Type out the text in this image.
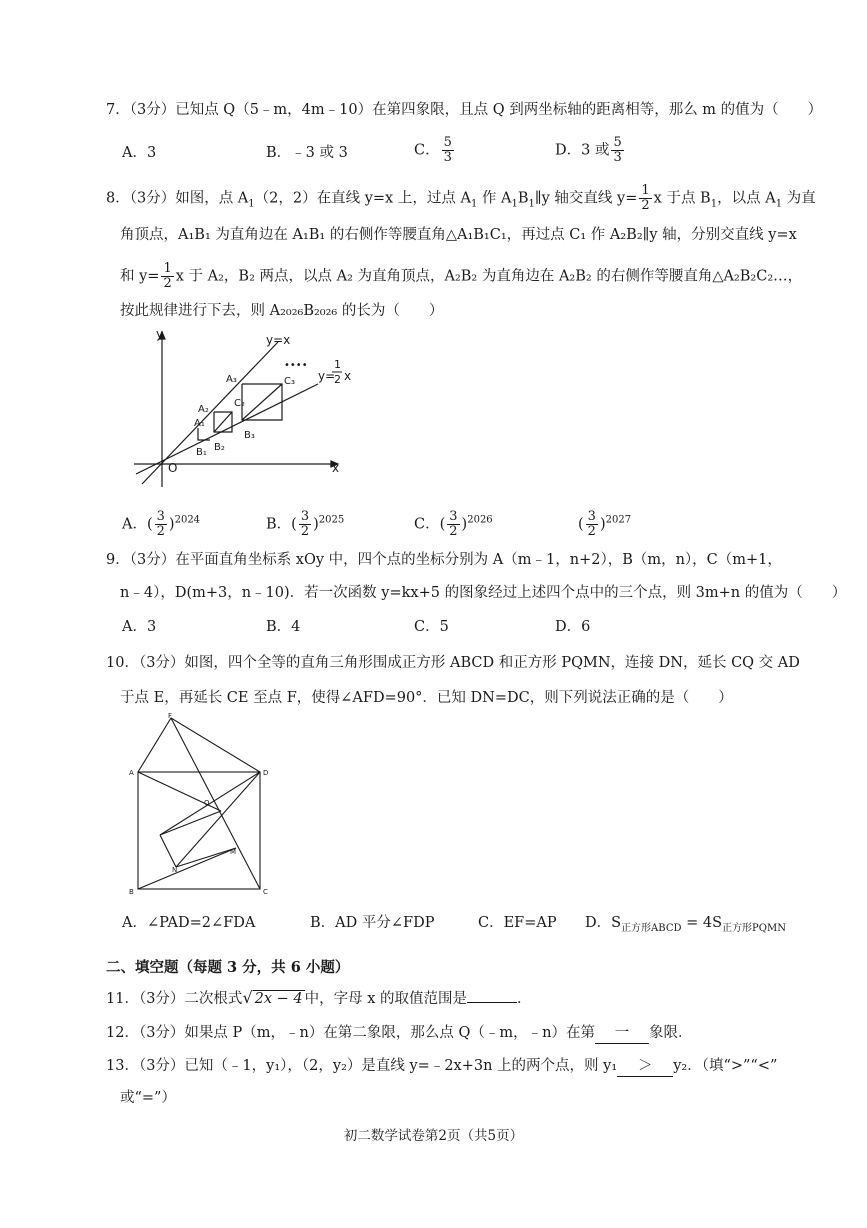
7．（3分）已知点 Q（5﹣m，4m﹣10）在第四象限，且点 Q 到两坐标轴的距离相等，那么 m 的值为（　　）
A．3	B．﹣3 或 3	C． $\frac{5}{3}$	D．3 或 $\frac{5}{3}$
8．（3分）如图，点 $A_1(2$，2）在直线 y=x 上，过点 $A_1$ 作 $A_1B_1\parallel y$ 轴交直线 $y= \frac{1}{2}$ x 于点 $B_1$，以点 $A_1$ 为直
角顶点，A₁B₁ 为直角边在 A₁B₁ 的右侧作等腰直角△A₁B₁C₁，再过点 C₁ 作 A₂B₂∥y 轴，分别交直线 y=x
和 $y= \frac{1}{2}$ x 于 A₂，B₂ 两点，以点 A₂ 为直角顶点，A₂B₂ 为直角边在 A₂B₂ 的右侧作等腰直角△A₂B₂C₂…，
按此规律进行下去，则 A₂₀₂₆B₂₀₂₆ 的长为（　　）
y
x
O
y=x
y=
1
2 x
••••
A₁
B₁
A₂
B₂
C₂
A₃
B₃
C₃
A．( $\frac{3}{2} )^{2024}$	B．( $\frac{3}{2} )^{2025}$	C．( $\frac{3}{2} )^{2026}$	( $\frac{3}{2} )^{2027}$
9．（3分）在平面直角坐标系 xOy 中，四个点的坐标分别为 A（m﹣1，n+2），B（m，n），C（m+1，
n﹣4），D(m+3，n﹣10)．若一次函数 y=kx+5 的图象经过上述四个点中的三个点，则 3m+n 的值为（　　）
A．3	B．4	C．5	D．6
10．（3分）如图，四个全等的直角三角形围成正方形 ABCD 和正方形 PQMN，连接 DN，延长 CQ 交 AD
于点 E，再延长 CE 至点 F，使得∠AFD=90°．已知 DN=DC，则下列说法正确的是（　　）
F
A	D
Q
N
M
B	C
A．∠PAD=2∠FDA	B．AD 平分∠FDP	C．EF=AP D．$S_{正方形ABCD} = 4S_{正方形PQMN}$
二、填空题（每题 3 分，共 6 小题）
11．（3分）二次根式√ 2x − 4 中，字母 x 的取值范围是	．
12．（3分）如果点 P（m，﹣n）在第二象限，那么点 Q（﹣m，﹣n）在第 一 象限．
13．（3分）已知（﹣1，y₁），（2，y₂）是直线 y=﹣2x+3n 上的两个点，则 y₁ ＞ y₂．（填“>”“<”
或“=”）
初二数学试卷第2页（共5页）
